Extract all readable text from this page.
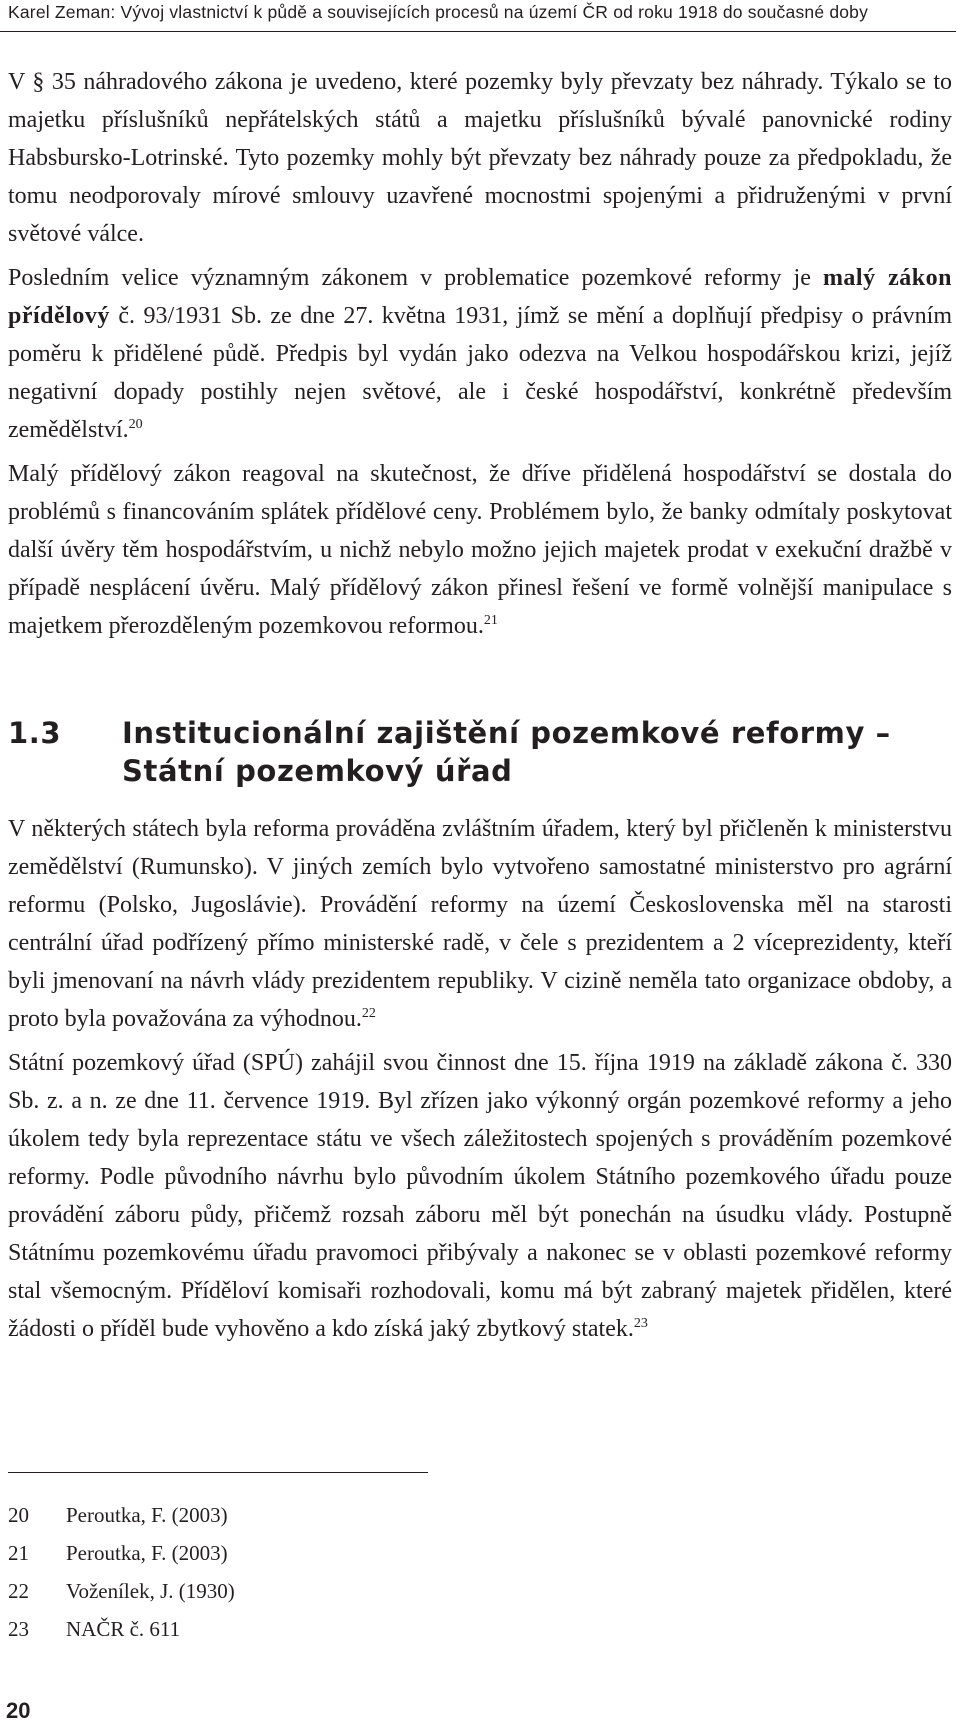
Karel Zeman: Vývoj vlastnictví k půdě a souvisejících procesů na území ČR od roku 1918 do současné doby

V § 35 náhradového zákona je uvedeno, které pozemky byly převzaty bez náhrady. Týkalo se to majetku příslušníků nepřátelských států a majetku příslušníků bývalé panovnické rodiny Habsbursko-Lotrinské. Tyto pozemky mohly být převzaty bez náhrady pouze za předpokladu, že tomu neodporovaly mírové smlouvy uzavřené mocnostmi spojenými a přidruženými v první světové válce.

Posledním velice významným zákonem v problematice pozemkové reformy je malý zákon přídělový č. 93/1931 Sb. ze dne 27. května 1931, jímž se mění a doplňují předpisy o právním poměru k přidělené půdě. Předpis byl vydán jako odezva na Velkou hospodářskou krizi, jejíž negativní dopady postihly nejen světové, ale i české hospodářství, konkrétně především zemědělství.$^{20}$

Malý přídělový zákon reagoval na skutečnost, že dříve přidělená hospodářství se dostala do problémů s financováním splátek přídělové ceny. Problémem bylo, že banky odmítaly poskytovat další úvěry těm hospodářstvím, u nichž nebylo možno jejich majetek prodat v exekuční dražbě v případě nesplácení úvěru. Malý přídělový zákon přinesl řešení ve formě volnější manipulace s majetkem přerozděleným pozemkovou reformou.$^{21}$

1.3 Institucionální zajištění pozemkové reformy –
Státní pozemkový úřad

V některých státech byla reforma prováděna zvláštním úřadem, který byl přičleněn k ministerstvu zemědělství (Rumunsko). V jiných zemích bylo vytvořeno samostatné ministerstvo pro agrární reformu (Polsko, Jugoslávie). Provádění reformy na území Československa měl na starosti centrální úřad podřízený přímo ministerské radě, v čele s prezidentem a 2 víceprezidenty, kteří byli jmenovaní na návrh vlády prezidentem republiky. V cizině neměla tato organizace obdoby, a proto byla považována za výhodnou.$^{22}$

Státní pozemkový úřad (SPÚ) zahájil svou činnost dne 15. října 1919 na základě zákona č. 330 Sb. z. a n. ze dne 11. července 1919. Byl zřízen jako výkonný orgán pozemkové reformy a jeho úkolem tedy byla reprezentace státu ve všech záležitostech spojených s prováděním pozemkové reformy. Podle původního návrhu bylo původním úkolem Státního pozemkového úřadu pouze provádění záboru půdy, přičemž rozsah záboru měl být ponechán na úsudku vlády. Postupně Státnímu pozemkovému úřadu pravomoci přibývaly a nakonec se v oblasti pozemkové reformy stal všemocným. Příděloví komisaři rozhodovali, komu má být zabraný majetek přidělen, které žádosti o příděl bude vyhověno a kdo získá jaký zbytkový statek.$^{23}$

20	Peroutka, F. (2003)
21	Peroutka, F. (2003)
22	Voženílek, J. (1930)
23	NAČR č. 611
20
